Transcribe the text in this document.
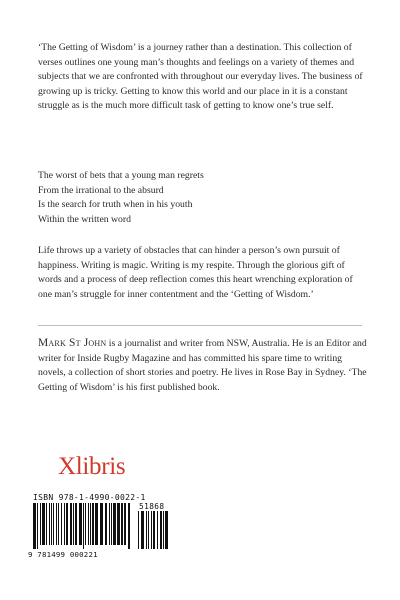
‘The Getting of Wisdom’ is a journey rather than a destination. This collection of verses outlines one young man’s thoughts and feelings on a variety of themes and subjects that we are confronted with throughout our everyday lives. The business of growing up is tricky. Getting to know this world and our place in it is a constant struggle as is the much more difficult task of getting to know one’s true self.

The worst of bets that a young man regrets
From the irrational to the absurd
Is the search for truth when in his youth
Within the written word

Life throws up a variety of obstacles that can hinder a person’s own pursuit of happiness. Writing is magic. Writing is my respite. Through the glorious gift of words and a process of deep reflection comes this heart wrenching exploration of one man’s struggle for inner contentment and the ‘Getting of Wisdom.’

Mark St John is a journalist and writer from NSW, Australia. He is an Editor and writer for Inside Rugby Magazine and has committed his spare time to writing novels, a collection of short stories and poetry. He lives in Rose Bay in Sydney. ‘The Getting of Wisdom’ is his first published book.
Xlibris
ISBN 978-1-4990-0022-1
9 781499 000221
51868
